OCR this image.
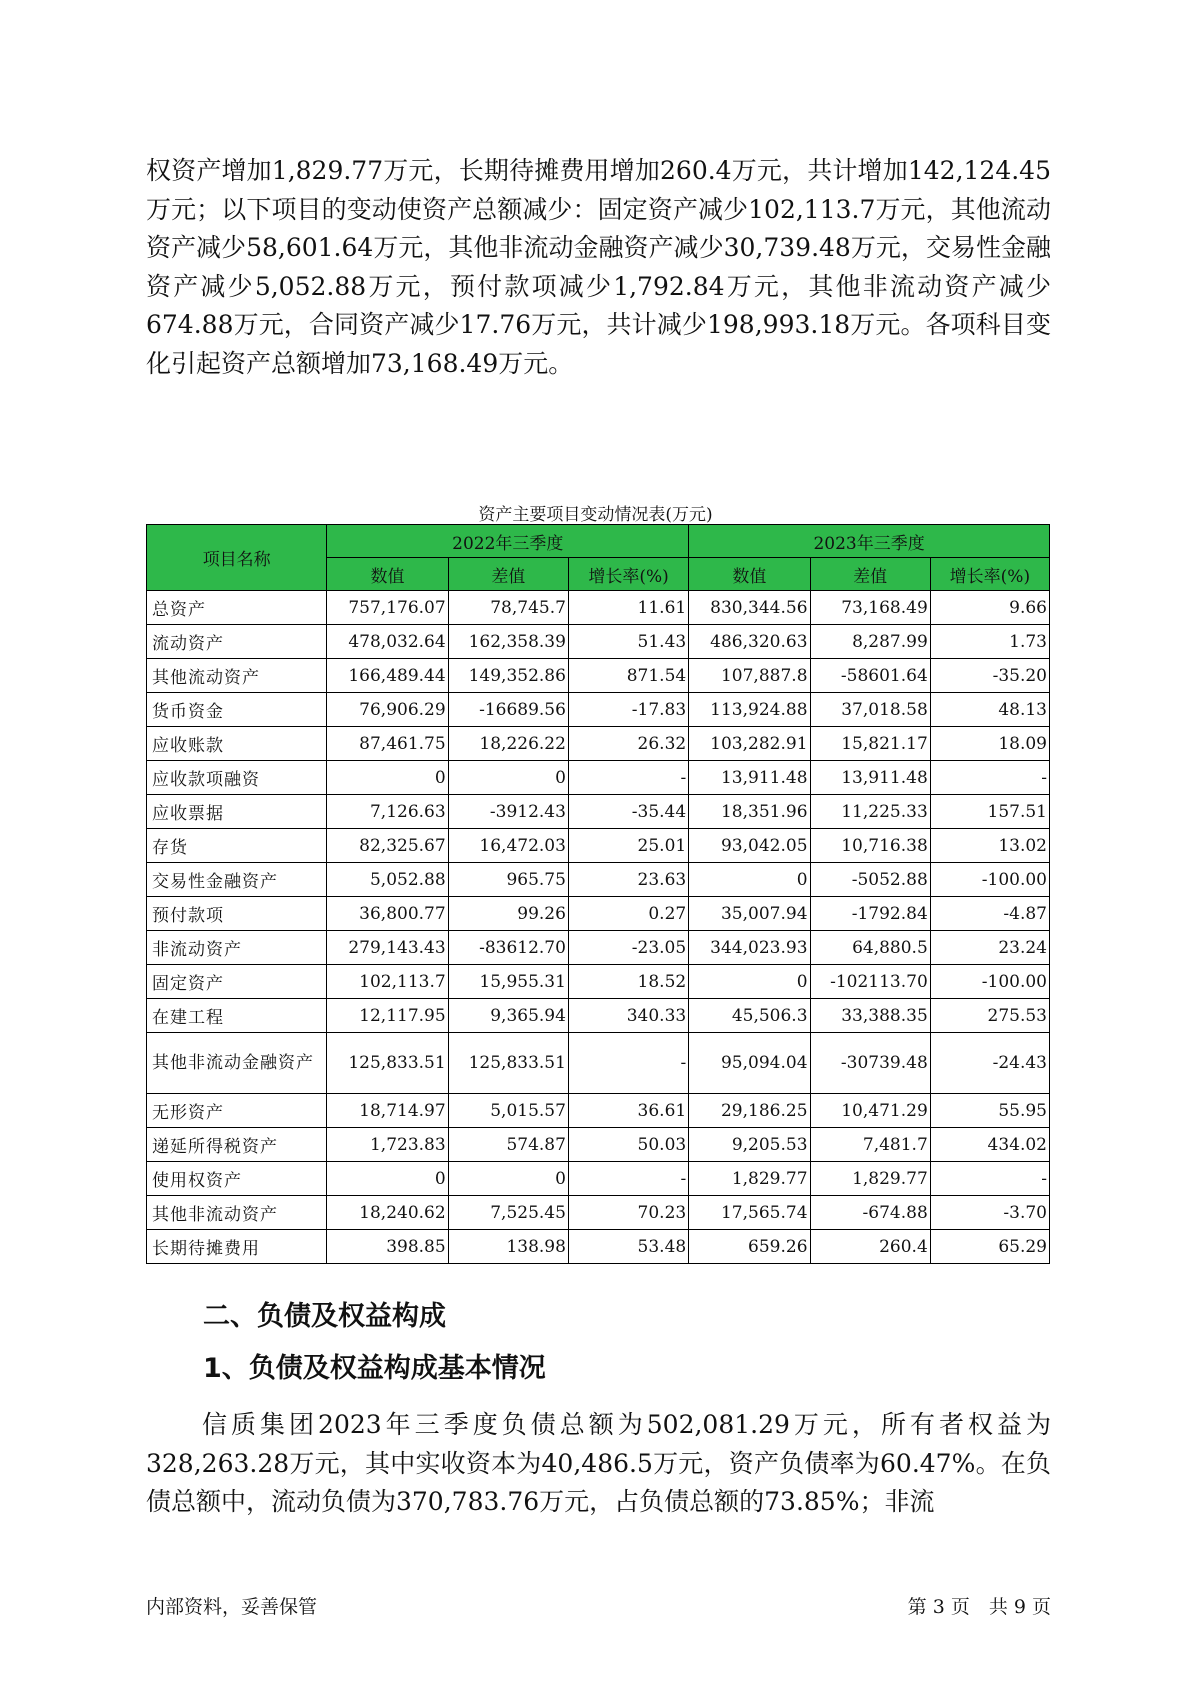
权资产增加1,829.77万元，长期待摊费用增加260.4万元，共计增加142,124.45万元；以下项目的变动使资产总额减少：固定资产减少102,113.7万元，其他流动资产减少58,601.64万元，其他非流动金融资产减少30,739.48万元，交易性金融资产减少5,052.88万元，预付款项减少1,792.84万元，其他非流动资产减少674.88万元，合同资产减少17.76万元，共计减少198,993.18万元。各项科目变化引起资产总额增加73,168.49万元。
资产主要项目变动情况表(万元)
项目名称	2022年三季度			2023年三季度		
	数值	差值	增长率(%)	数值	差值	增长率(%)
总资产	757,176.07	78,745.7	11.61	830,344.56	73,168.49	9.66
流动资产	478,032.64	162,358.39	51.43	486,320.63	8,287.99	1.73
其他流动资产	166,489.44	149,352.86	871.54	107,887.8	-58601.64	-35.20
货币资金	76,906.29	-16689.56	-17.83	113,924.88	37,018.58	48.13
应收账款	87,461.75	18,226.22	26.32	103,282.91	15,821.17	18.09
应收款项融资	0	0	-	13,911.48	13,911.48	-
应收票据	7,126.63	-3912.43	-35.44	18,351.96	11,225.33	157.51
存货	82,325.67	16,472.03	25.01	93,042.05	10,716.38	13.02
交易性金融资产	5,052.88	965.75	23.63	0	-5052.88	-100.00
预付款项	36,800.77	99.26	0.27	35,007.94	-1792.84	-4.87
非流动资产	279,143.43	-83612.70	-23.05	344,023.93	64,880.5	23.24
固定资产	102,113.7	15,955.31	18.52	0	-102113.70	-100.00
在建工程	12,117.95	9,365.94	340.33	45,506.3	33,388.35	275.53
其他非流动金融资产	125,833.51	125,833.51	-	95,094.04	-30739.48	-24.43
无形资产	18,714.97	5,015.57	36.61	29,186.25	10,471.29	55.95
递延所得税资产	1,723.83	574.87	50.03	9,205.53	7,481.7	434.02
使用权资产	0	0	-	1,829.77	1,829.77	-
其他非流动资产	18,240.62	7,525.45	70.23	17,565.74	-674.88	-3.70
长期待摊费用	398.85	138.98	53.48	659.26	260.4	65.29
二、负债及权益构成
1、负债及权益构成基本情况
信质集团2023年三季度负债总额为502,081.29万元，所有者权益为328,263.28万元，其中实收资本为40,486.5万元，资产负债率为60.47%。在负债总额中，流动负债为370,783.76万元，占负债总额的73.85%；非流
内部资料，妥善保管	第 3 页　共 9 页
